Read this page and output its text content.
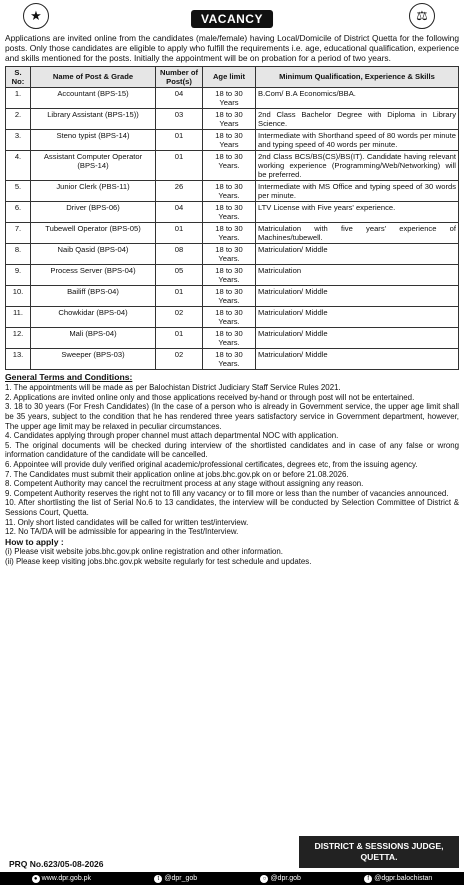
★	VACANCY	⚖
Applications are invited online from the candidates (male/female) having Local/Domicile of District Quetta for the following posts. Only those candidates are eligible to apply who fulfill the requirements i.e. age, educational qualification, experience and skills mentioned for the posts. Initially the appointment will be on probation for a period of two years.
S. No:	Name of Post & Grade	Number of Post(s)	Age limit	Minimum Qualification, Experience & Skills
1.	Accountant (BPS-15)	04	18 to 30 Years	B.Com/ B.A Economics/BBA.
2.	Library Assistant (BPS-15))	03	18 to 30 Years	2nd Class Bachelor Degree with Diploma in Library Science.
3.	Steno typist (BPS-14)	01	18 to 30 Years	Intermediate with Shorthand speed of 80 words per minute and typing speed of 40 words per minute.
4.	Assistant Computer Operator (BPS-14)	01	18 to 30 Years.	2nd Class BCS/BS(CS)/BS(IT). Candidate having relevant working experience (Programming/Web/Networking) will be preferred.
5.	Junior Clerk (PBS-11)	26	18 to 30 Years.	Intermediate with MS Office and typing speed of 30 words per minute.
6.	Driver (BPS-06)	04	18 to 30 Years.	LTV License with Five years' experience.
7.	Tubewell Operator (BPS-05)	01	18 to 30 Years.	Matriculation with five years' experience of Machines/tubewell.
8.	Naib Qasid (BPS-04)	08	18 to 30 Years.	Matriculation/ Middle
9.	Process Server (BPS-04)	05	18 to 30 Years.	Matriculation
10.	Bailiff (BPS-04)	01	18 to 30 Years.	Matriculation/ Middle
11.	Chowkidar (BPS-04)	02	18 to 30 Years.	Matriculation/ Middle
12.	Mali (BPS-04)	01	18 to 30 Years.	Matriculation/ Middle
13.	Sweeper (BPS-03)	02	18 to 30 Years.	Matriculation/ Middle
General Terms and Conditions:

1. The appointments will be made as per Balochistan District Judiciary Staff Service Rules 2021.

2. Applications are invited online only and those applications received by-hand or through post will not be entertained.

3. 18 to 30 years (For Fresh Candidates) (In the case of a person who is already in Government service, the upper age limit shall be 35 years, subject to the condition that he has rendered three years satisfactory service in Government department, however, The upper age limit may be relaxed in peculiar circumstances.

4. Candidates applying through proper channel must attach departmental NOC with application.

5. The original documents will be checked during interview of the shortlisted candidates and in case of any false or wrong information candidature of the candidate will be cancelled.

6. Appointee will provide duly verified original academic/professional certificates, degrees etc, from the issuing agency.

7. The Candidates must submit their application online at jobs.bhc.gov.pk on or before 21.08.2026.

8. Competent Authority may cancel the recruitment process at any stage without assigning any reason.

9. Competent Authority reserves the right not to fill any vacancy or to fill more or less than the number of vacancies announced.

10. After shortlisting the list of Serial No.6 to 13 candidates, the interview will be conducted by Selection Committee of District & Sessions Court, Quetta.

11. Only short listed candidates will be called for written test/interview.

12. No TA/DA will be admissible for appearing in the Test/Interview.

How to apply :

(i) Please visit website jobs.bhc.gov.pk online registration and other information.

(ii) Please keep visiting jobs.bhc.gov.pk website regularly for test schedule and updates.

PRQ No.623/05-08-2026
DISTRICT & SESSIONS JUDGE,
QUETTA.
● www.dpr.gob.pk	t @dpr_gob	○ @dpr.gob	f @dgpr.balochistan
